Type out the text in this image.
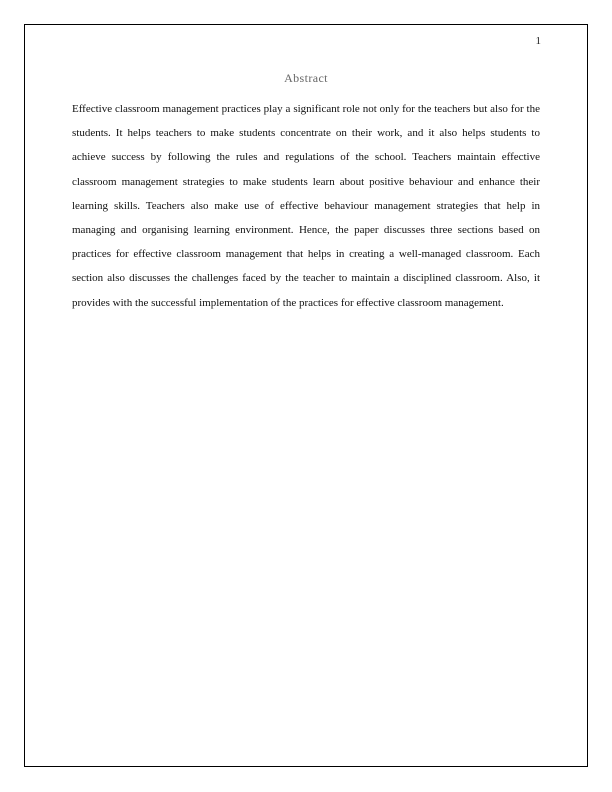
1
Abstract

Effective classroom management practices play a significant role not only for the teachers but also for the students. It helps teachers to make students concentrate on their work, and it also helps students to achieve success by following the rules and regulations of the school. Teachers maintain effective classroom management strategies to make students learn about positive behaviour and enhance their learning skills. Teachers also make use of effective behaviour management strategies that help in managing and organising learning environment. Hence, the paper discusses three sections based on practices for effective classroom management that helps in creating a well-managed classroom. Each section also discusses the challenges faced by the teacher to maintain a disciplined classroom. Also, it provides with the successful implementation of the practices for effective classroom management.
